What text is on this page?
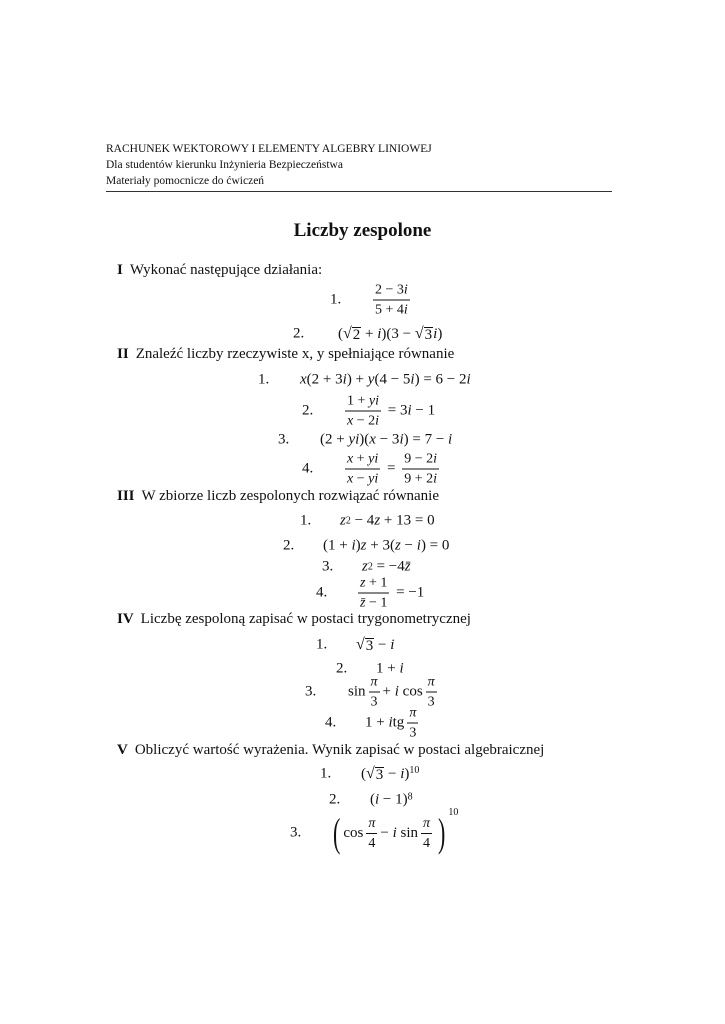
RACHUNEK WEKTOROWY I ELEMENTY ALGEBRY LINIOWEJ
Dla studentów kierunku Inżynieria Bezpieczeństwa
Materiały pomocnicze do ćwiczeń
Liczby zespolone
I Wykonać następujące działania:
1. $\frac{2 - 3i}{5 + 4i}$
2. ( √ 2 + i )(3 − √ 3 i )
II Znaleźć liczby rzeczywiste x, y spełniające równanie
1. x (2 + 3 i ) + y (4 − 5 i ) = 6 − 2 i
2. $\frac{1 + yi}{x - 2i} = 3$ i − 1
3. (2 + yi )( x − 3 i ) = 7 − i
4. $\frac{x + yi}{x - yi} = \frac{9 - 2i}{9 + 2i}$
III W zbiorze liczb zespolonych rozwiązać równanie
1. z 2 − 4 z + 13 = 0
2. (1 + i ) z + 3( z − i ) = 0
3. z 2 = −4 z̄
4. $\frac{z + 1}{z̄ - 1} = -1$
IV Liczbę zespoloną zapisać w postaci trygonometrycznej
1. √ 3 − i
2. 1 + i
3. $\sin \frac{\pi}{3} + i$ $\cos \frac{\pi}{3}$
4. 1 + i tg $\frac{\pi}{3}$
V Obliczyć wartość wyrażenia. Wynik zapisać w postaci algebraicznej
1. ( √ 3 − i )$^{10}$
2. ( i − 1)$^8$
3. ( $\cos \frac{\pi}{4} - i$ $\sin \frac{\pi}{4}$ ) $^{10}$
